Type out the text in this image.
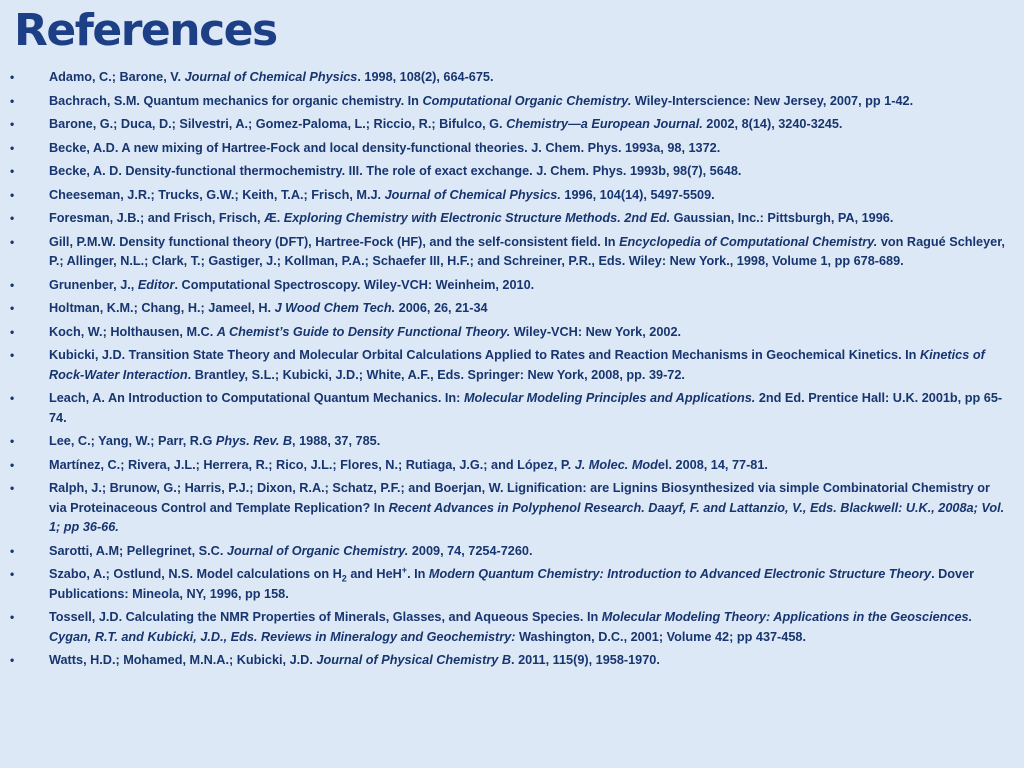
References
•	Adamo, C.; Barone, V. Journal of Chemical Physics. 1998, 108(2), 664-675.
•	Bachrach, S.M. Quantum mechanics for organic chemistry. In Computational Organic Chemistry. Wiley-Interscience: New Jersey, 2007, pp 1-42.
•	Barone, G.; Duca, D.; Silvestri, A.; Gomez-Paloma, L.; Riccio, R.; Bifulco, G. Chemistry—a European Journal. 2002, 8(14), 3240-3245.
•	Becke, A.D. A new mixing of Hartree-Fock and local density-functional theories. J. Chem. Phys. 1993a, 98, 1372.
•	Becke, A. D. Density-functional thermochemistry. III. The role of exact exchange. J. Chem. Phys. 1993b, 98(7), 5648.
•	Cheeseman, J.R.; Trucks, G.W.; Keith, T.A.; Frisch, M.J. Journal of Chemical Physics. 1996, 104(14), 5497-5509.
•	Foresman, J.B.; and Frisch, Frisch, Æ. Exploring Chemistry with Electronic Structure Methods. 2nd Ed. Gaussian, Inc.: Pittsburgh, PA, 1996.
•	Gill, P.M.W. Density functional theory (DFT), Hartree-Fock (HF), and the self-consistent field. In Encyclopedia of Computational Chemistry. von Ragué Schleyer, P.; Allinger, N.L.; Clark, T.; Gastiger, J.; Kollman, P.A.; Schaefer III, H.F.; and Schreiner, P.R., Eds. Wiley: New York., 1998, Volume 1, pp 678-689.
•	Grunenber, J., Editor. Computational Spectroscopy. Wiley-VCH: Weinheim, 2010.
•	Holtman, K.M.; Chang, H.; Jameel, H. J Wood Chem Tech. 2006, 26, 21-34
•	Koch, W.; Holthausen, M.C. A Chemist’s Guide to Density Functional Theory. Wiley-VCH: New York, 2002.
•	Kubicki, J.D. Transition State Theory and Molecular Orbital Calculations Applied to Rates and Reaction Mechanisms in Geochemical Kinetics. In Kinetics of Rock-Water Interaction. Brantley, S.L.; Kubicki, J.D.; White, A.F., Eds. Springer: New York, 2008, pp. 39-72.
•	Leach, A. An Introduction to Computational Quantum Mechanics. In: Molecular Modeling Principles and Applications. 2nd Ed. Prentice Hall: U.K. 2001b, pp 65-74.
•	Lee, C.; Yang, W.; Parr, R.G Phys. Rev. B, 1988, 37, 785.
•	Martínez, C.; Rivera, J.L.; Herrera, R.; Rico, J.L.; Flores, N.; Rutiaga, J.G.; and López, P. J. Molec. Model. 2008, 14, 77-81.
•	Ralph, J.; Brunow, G.; Harris, P.J.; Dixon, R.A.; Schatz, P.F.; and Boerjan, W. Lignification: are Lignins Biosynthesized via simple Combinatorial Chemistry or via Proteinaceous Control and Template Replication? In Recent Advances in Polyphenol Research. Daayf, F. and Lattanzio, V., Eds. Blackwell: U.K., 2008a; Vol. 1; pp 36-66.
•	Sarotti, A.M; Pellegrinet, S.C. Journal of Organic Chemistry. 2009, 74, 7254-7260.
•	Szabo, A.; Ostlund, N.S. Model calculations on $H_2$ and HeH+. In Modern Quantum Chemistry: Introduction to Advanced Electronic Structure Theory. Dover Publications: Mineola, NY, 1996, pp 158.
•	Tossell, J.D. Calculating the NMR Properties of Minerals, Glasses, and Aqueous Species. In Molecular Modeling Theory: Applications in the Geosciences. Cygan, R.T. and Kubicki, J.D., Eds. Reviews in Mineralogy and Geochemistry: Washington, D.C., 2001; Volume 42; pp 437-458.
•	Watts, H.D.; Mohamed, M.N.A.; Kubicki, J.D. Journal of Physical Chemistry B. 2011, 115(9), 1958-1970.
